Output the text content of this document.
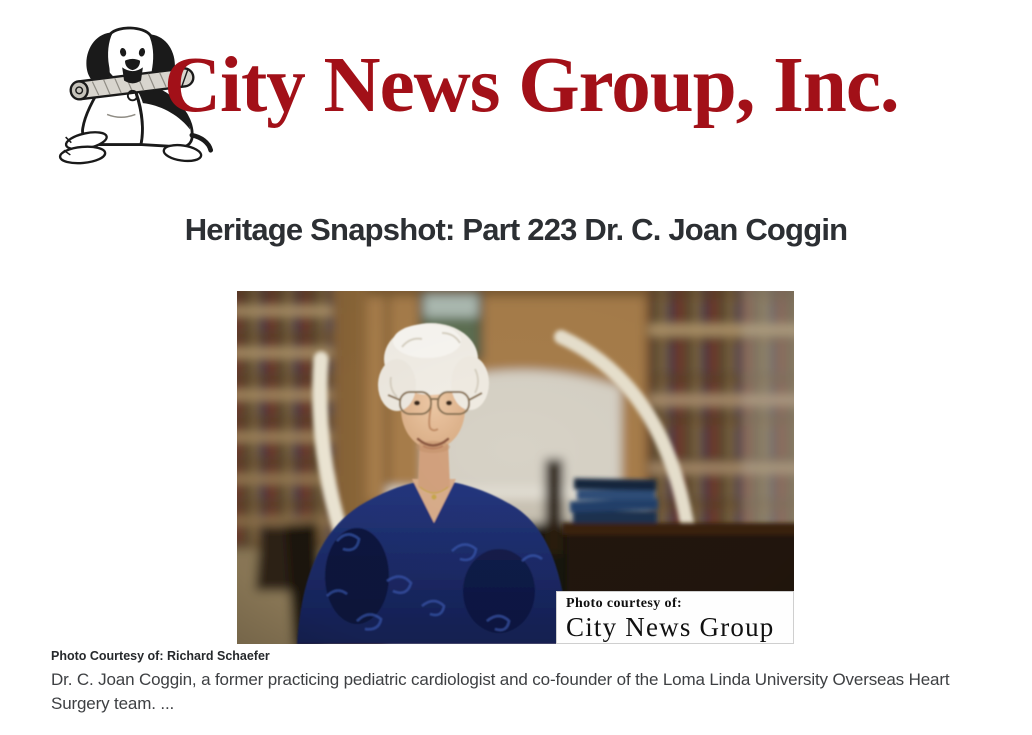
City News Group, Inc.
Heritage Snapshot: Part 223 Dr. C. Joan Coggin
Photo courtesy of:
City News Group
Photo Courtesy of: Richard Schaefer

Dr. C. Joan Coggin, a former practicing pediatric cardiologist and co-founder of the Loma Linda University Overseas Heart Surgery team. ...
